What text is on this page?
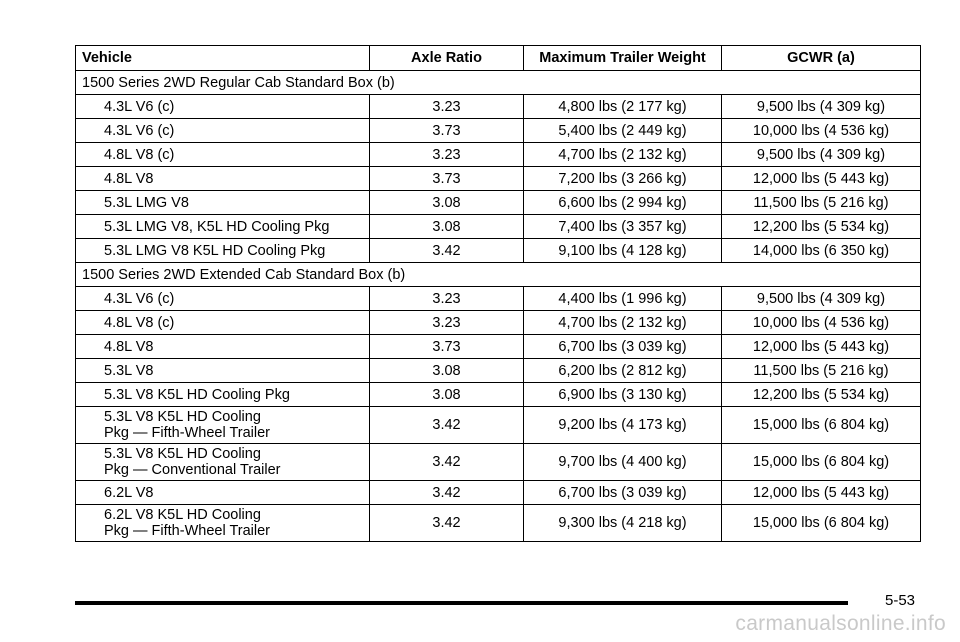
Vehicle	Axle Ratio	Maximum Trailer Weight	GCWR (a)
1500 Series 2WD Regular Cab Standard Box (b)			
4.3L V6 (c)	3.23	4,800 lbs (2 177 kg)	9,500 lbs (4 309 kg)
4.3L V6 (c)	3.73	5,400 lbs (2 449 kg)	10,000 lbs (4 536 kg)
4.8L V8 (c)	3.23	4,700 lbs (2 132 kg)	9,500 lbs (4 309 kg)
4.8L V8	3.73	7,200 lbs (3 266 kg)	12,000 lbs (5 443 kg)
5.3L LMG V8	3.08	6,600 lbs (2 994 kg)	11,500 lbs (5 216 kg)
5.3L LMG V8, K5L HD Cooling Pkg	3.08	7,400 lbs (3 357 kg)	12,200 lbs (5 534 kg)
5.3L LMG V8 K5L HD Cooling Pkg	3.42	9,100 lbs (4 128 kg)	14,000 lbs (6 350 kg)
1500 Series 2WD Extended Cab Standard Box (b)			
4.3L V6 (c)	3.23	4,400 lbs (1 996 kg)	9,500 lbs (4 309 kg)
4.8L V8 (c)	3.23	4,700 lbs (2 132 kg)	10,000 lbs (4 536 kg)
4.8L V8	3.73	6,700 lbs (3 039 kg)	12,000 lbs (5 443 kg)
5.3L V8	3.08	6,200 lbs (2 812 kg)	11,500 lbs (5 216 kg)
5.3L V8 K5L HD Cooling Pkg	3.08	6,900 lbs (3 130 kg)	12,200 lbs (5 534 kg)
5.3L V8 K5L HD Cooling
Pkg — Fifth-Wheel Trailer	3.42	9,200 lbs (4 173 kg)	15,000 lbs (6 804 kg)
5.3L V8 K5L HD Cooling
Pkg — Conventional Trailer	3.42	9,700 lbs (4 400 kg)	15,000 lbs (6 804 kg)
6.2L V8	3.42	6,700 lbs (3 039 kg)	12,000 lbs (5 443 kg)
6.2L V8 K5L HD Cooling
Pkg — Fifth-Wheel Trailer	3.42	9,300 lbs (4 218 kg)	15,000 lbs (6 804 kg)
5-53
carmanualsonline.info
